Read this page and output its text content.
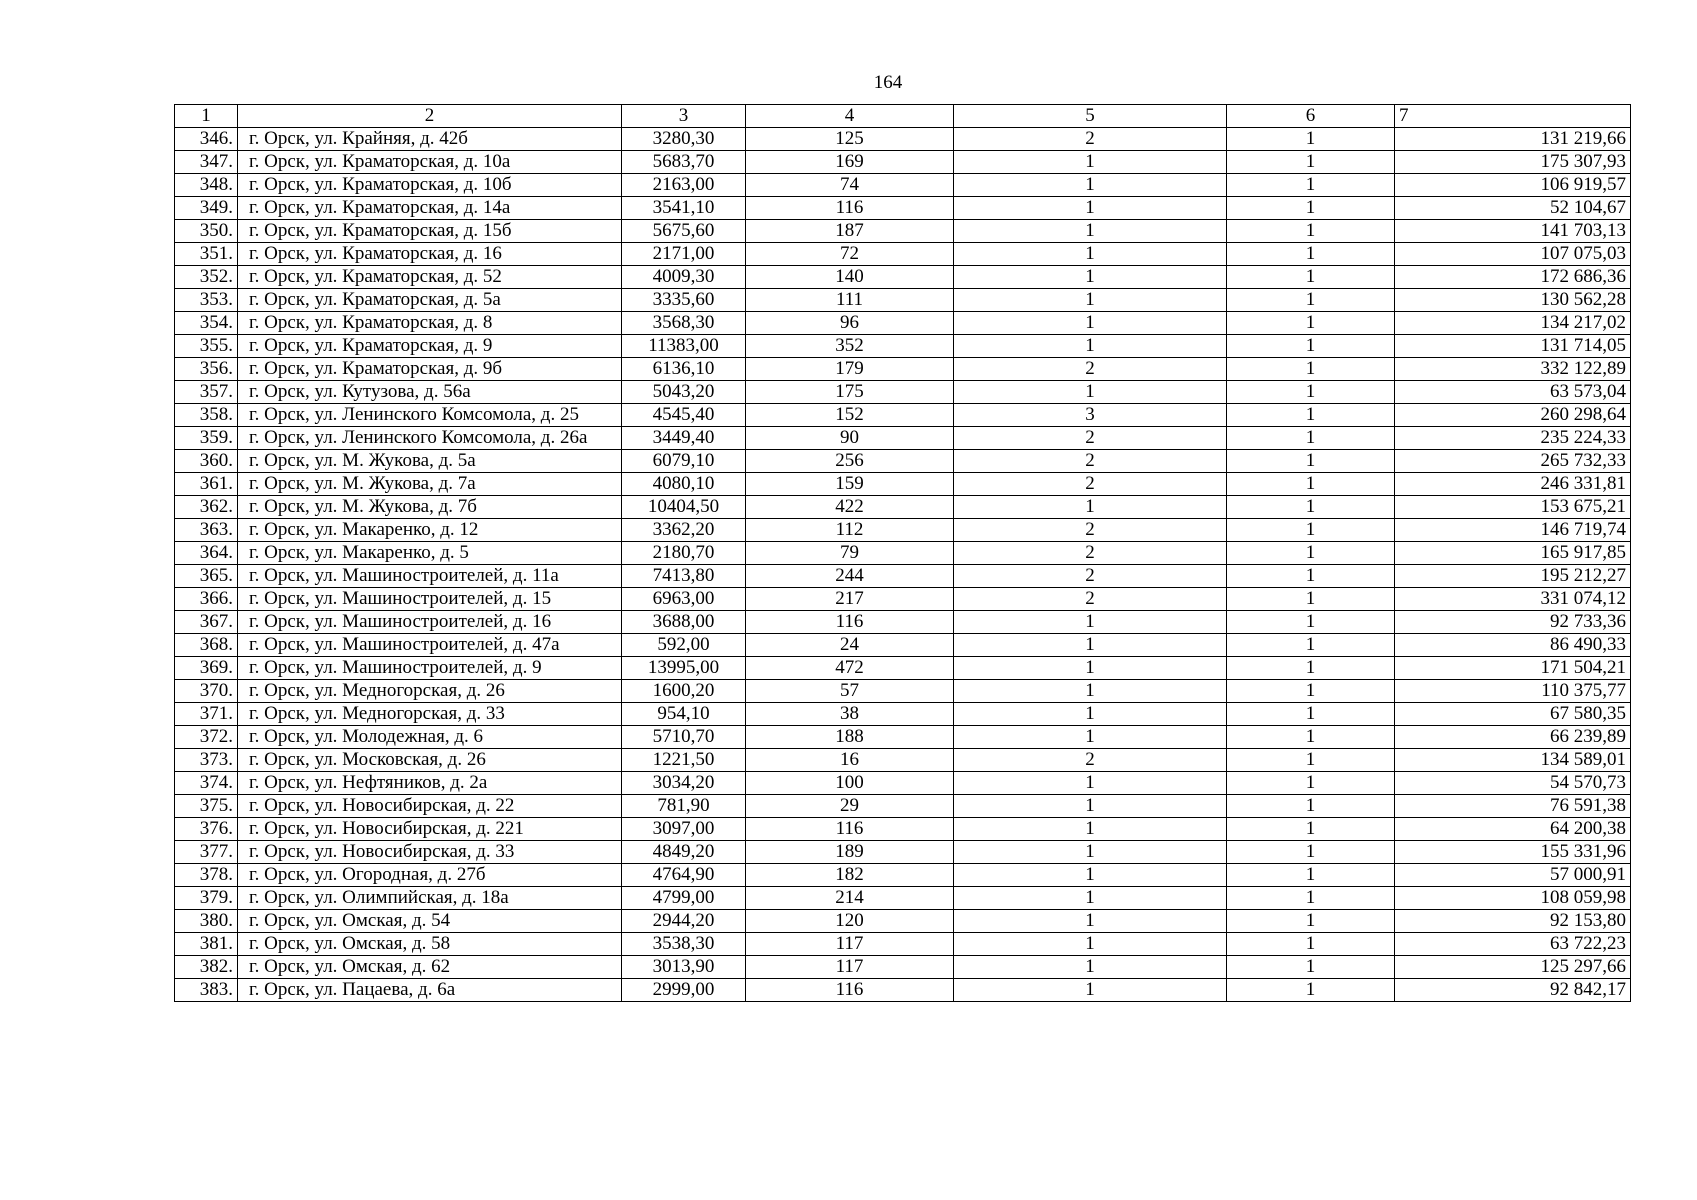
164
1	2	3	4	5	6	7
346.	г. Орск, ул. Крайняя, д. 42б	3280,30	125	2	1	131 219,66
347.	г. Орск, ул. Краматорская, д. 10а	5683,70	169	1	1	175 307,93
348.	г. Орск, ул. Краматорская, д. 10б	2163,00	74	1	1	106 919,57
349.	г. Орск, ул. Краматорская, д. 14а	3541,10	116	1	1	52 104,67
350.	г. Орск, ул. Краматорская, д. 15б	5675,60	187	1	1	141 703,13
351.	г. Орск, ул. Краматорская, д. 16	2171,00	72	1	1	107 075,03
352.	г. Орск, ул. Краматорская, д. 52	4009,30	140	1	1	172 686,36
353.	г. Орск, ул. Краматорская, д. 5а	3335,60	111	1	1	130 562,28
354.	г. Орск, ул. Краматорская, д. 8	3568,30	96	1	1	134 217,02
355.	г. Орск, ул. Краматорская, д. 9	11383,00	352	1	1	131 714,05
356.	г. Орск, ул. Краматорская, д. 9б	6136,10	179	2	1	332 122,89
357.	г. Орск, ул. Кутузова, д. 56а	5043,20	175	1	1	63 573,04
358.	г. Орск, ул. Ленинского Комсомола, д. 25	4545,40	152	3	1	260 298,64
359.	г. Орск, ул. Ленинского Комсомола, д. 26а	3449,40	90	2	1	235 224,33
360.	г. Орск, ул. М. Жукова, д. 5а	6079,10	256	2	1	265 732,33
361.	г. Орск, ул. М. Жукова, д. 7а	4080,10	159	2	1	246 331,81
362.	г. Орск, ул. М. Жукова, д. 7б	10404,50	422	1	1	153 675,21
363.	г. Орск, ул. Макаренко, д. 12	3362,20	112	2	1	146 719,74
364.	г. Орск, ул. Макаренко, д. 5	2180,70	79	2	1	165 917,85
365.	г. Орск, ул. Машиностроителей, д. 11а	7413,80	244	2	1	195 212,27
366.	г. Орск, ул. Машиностроителей, д. 15	6963,00	217	2	1	331 074,12
367.	г. Орск, ул. Машиностроителей, д. 16	3688,00	116	1	1	92 733,36
368.	г. Орск, ул. Машиностроителей, д. 47а	592,00	24	1	1	86 490,33
369.	г. Орск, ул. Машиностроителей, д. 9	13995,00	472	1	1	171 504,21
370.	г. Орск, ул. Медногорская, д. 26	1600,20	57	1	1	110 375,77
371.	г. Орск, ул. Медногорская, д. 33	954,10	38	1	1	67 580,35
372.	г. Орск, ул. Молодежная, д. 6	5710,70	188	1	1	66 239,89
373.	г. Орск, ул. Московская, д. 26	1221,50	16	2	1	134 589,01
374.	г. Орск, ул. Нефтяников, д. 2а	3034,20	100	1	1	54 570,73
375.	г. Орск, ул. Новосибирская, д. 22	781,90	29	1	1	76 591,38
376.	г. Орск, ул. Новосибирская, д. 221	3097,00	116	1	1	64 200,38
377.	г. Орск, ул. Новосибирская, д. 33	4849,20	189	1	1	155 331,96
378.	г. Орск, ул. Огородная, д. 27б	4764,90	182	1	1	57 000,91
379.	г. Орск, ул. Олимпийская, д. 18а	4799,00	214	1	1	108 059,98
380.	г. Орск, ул. Омская, д. 54	2944,20	120	1	1	92 153,80
381.	г. Орск, ул. Омская, д. 58	3538,30	117	1	1	63 722,23
382.	г. Орск, ул. Омская, д. 62	3013,90	117	1	1	125 297,66
383.	г. Орск, ул. Пацаева, д. 6а	2999,00	116	1	1	92 842,17
